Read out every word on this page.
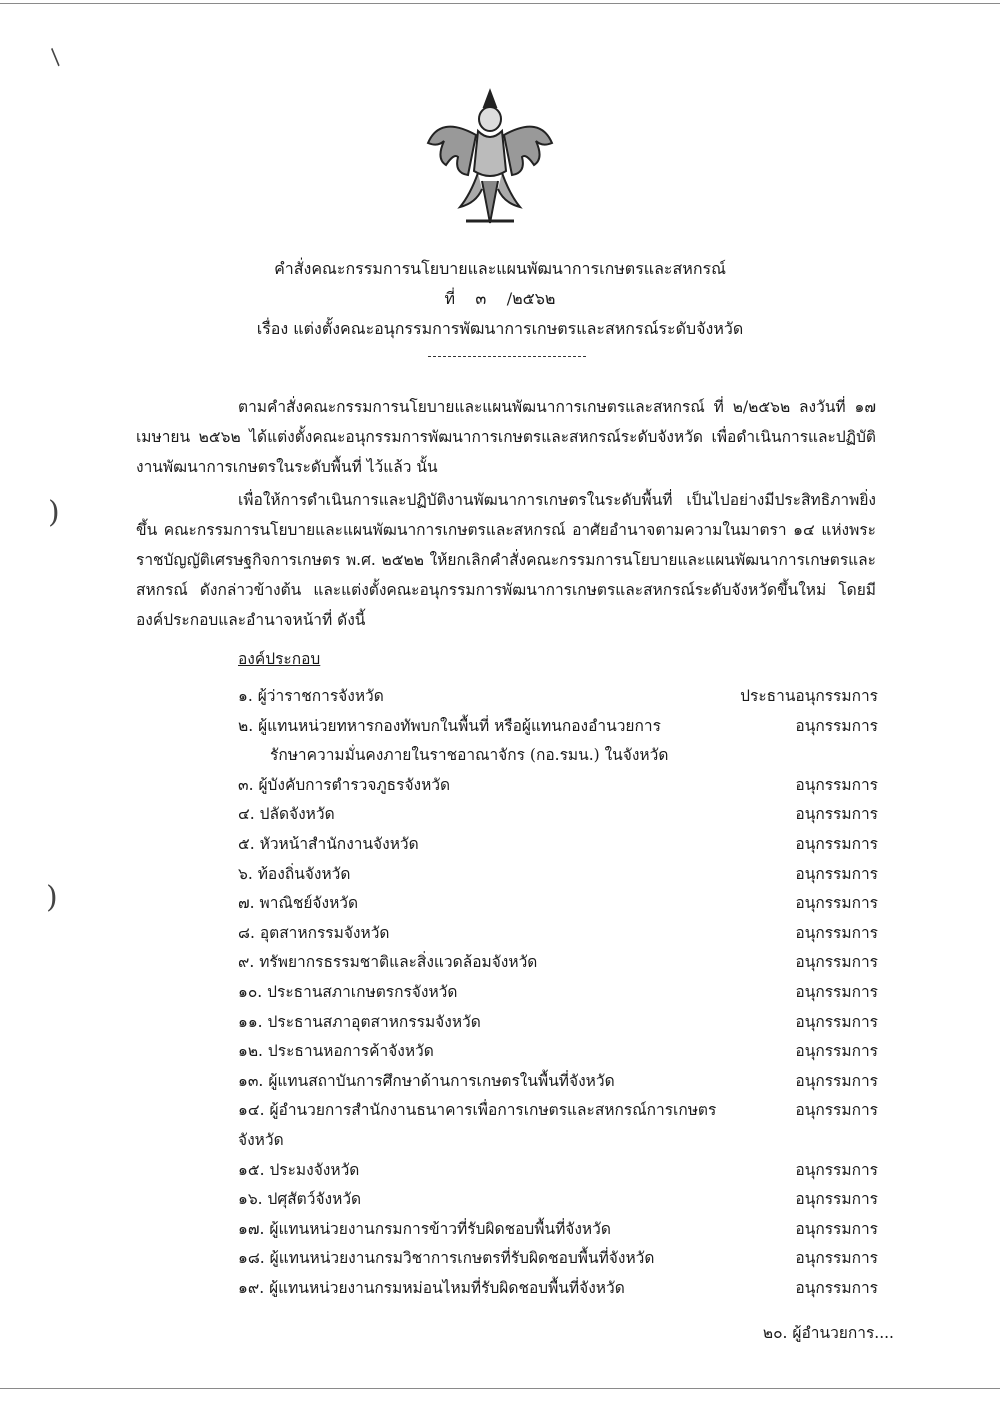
/
)
)
คำสั่งคณะกรรมการนโยบายและแผนพัฒนาการเกษตรและสหกรณ์
ที่    ๓    /๒๕๖๒
เรื่อง แต่งตั้งคณะอนุกรรมการพัฒนาการเกษตรและสหกรณ์ระดับจังหวัด

ตามคำสั่งคณะกรรมการนโยบายและแผนพัฒนาการเกษตรและสหกรณ์ ที่ ๒/๒๕๖๒ ลงวันที่ ๑๗ เมษายน ๒๕๖๒ ได้แต่งตั้งคณะอนุกรรมการพัฒนาการเกษตรและสหกรณ์ระดับจังหวัด เพื่อดำเนินการและปฏิบัติงานพัฒนาการเกษตรในระดับพื้นที่ ไว้แล้ว นั้น

เพื่อให้การดำเนินการและปฏิบัติงานพัฒนาการเกษตรในระดับพื้นที่ เป็นไปอย่างมีประสิทธิภาพยิ่งขึ้น คณะกรรมการนโยบายและแผนพัฒนาการเกษตรและสหกรณ์ อาศัยอำนาจตามความในมาตรา ๑๔ แห่งพระราชบัญญัติเศรษฐกิจการเกษตร พ.ศ. ๒๕๒๒ ให้ยกเลิกคำสั่งคณะกรรมการนโยบายและแผนพัฒนาการเกษตรและสหกรณ์ ดังกล่าวข้างต้น และแต่งตั้งคณะอนุกรรมการพัฒนาการเกษตรและสหกรณ์ระดับจังหวัดขึ้นใหม่ โดยมีองค์ประกอบและอำนาจหน้าที่ ดังนี้

องค์ประกอบ
๑. ผู้ว่าราชการจังหวัด	ประธานอนุกรรมการ
๒. ผู้แทนหน่วยทหารกองทัพบกในพื้นที่ หรือผู้แทนกองอำนวยการ
รักษาความมั่นคงภายในราชอาณาจักร (กอ.รมน.) ในจังหวัด
อนุกรรมการ
๓. ผู้บังคับการตำรวจภูธรจังหวัด	อนุกรรมการ
๔. ปลัดจังหวัด	อนุกรรมการ
๕. หัวหน้าสำนักงานจังหวัด	อนุกรรมการ
๖. ท้องถิ่นจังหวัด	อนุกรรมการ
๗. พาณิชย์จังหวัด	อนุกรรมการ
๘. อุตสาหกรรมจังหวัด	อนุกรรมการ
๙. ทรัพยากรธรรมชาติและสิ่งแวดล้อมจังหวัด	อนุกรรมการ
๑๐. ประธานสภาเกษตรกรจังหวัด	อนุกรรมการ
๑๑. ประธานสภาอุตสาหกรรมจังหวัด	อนุกรรมการ
๑๒. ประธานหอการค้าจังหวัด	อนุกรรมการ
๑๓. ผู้แทนสถาบันการศึกษาด้านการเกษตรในพื้นที่จังหวัด	อนุกรรมการ
๑๔. ผู้อำนวยการสำนักงานธนาคารเพื่อการเกษตรและสหกรณ์การเกษตร จังหวัด
อนุกรรมการ
๑๕. ประมงจังหวัด	อนุกรรมการ
๑๖. ปศุสัตว์จังหวัด	อนุกรรมการ
๑๗. ผู้แทนหน่วยงานกรมการข้าวที่รับผิดชอบพื้นที่จังหวัด	อนุกรรมการ
๑๘. ผู้แทนหน่วยงานกรมวิชาการเกษตรที่รับผิดชอบพื้นที่จังหวัด	อนุกรรมการ
๑๙. ผู้แทนหน่วยงานกรมหม่อนไหมที่รับผิดชอบพื้นที่จังหวัด	อนุกรรมการ
๒๐. ผู้อำนวยการ....
